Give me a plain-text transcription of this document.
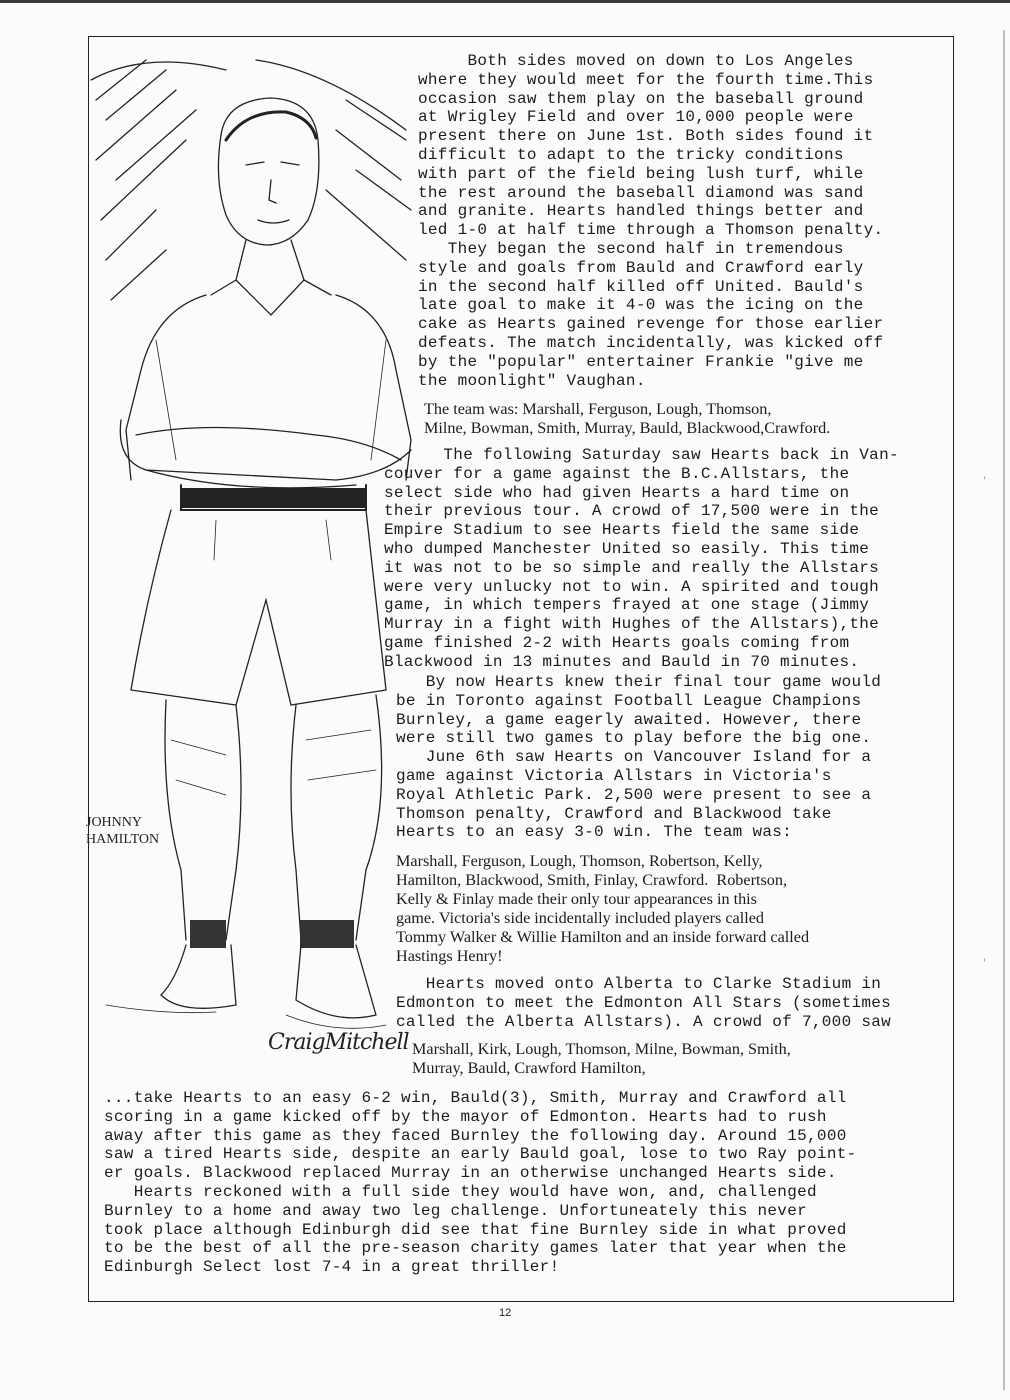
JOHNNY
HAMILTON
CraigMitchell

Both sides moved on down to Los Angeles
where they would meet for the fourth time.This
occasion saw them play on the baseball ground
at Wrigley Field and over 10,000 people were
present there on June 1st. Both sides found it
difficult to adapt to the tricky conditions
with part of the field being lush turf, while
the rest around the baseball diamond was sand
and granite. Hearts handled things better and
led 1-0 at half time through a Thomson penalty.
They began the second half in tremendous
style and goals from Bauld and Crawford early
in the second half killed off United. Bauld's
late goal to make it 4-0 was the icing on the
cake as Hearts gained revenge for those earlier
defeats. The match incidentally, was kicked off
by the "popular" entertainer Frankie "give me
the moonlight" Vaughan.

The team was: Marshall, Ferguson, Lough, Thomson,
Milne, Bowman, Smith, Murray, Bauld, Blackwood,Crawford.

The following Saturday saw Hearts back in Van-
couver for a game against the B.C.Allstars, the
select side who had given Hearts a hard time on
their previous tour. A crowd of 17,500 were in the
Empire Stadium to see Hearts field the same side
who dumped Manchester United so easily. This time
it was not to be so simple and really the Allstars
were very unlucky not to win. A spirited and tough
game, in which tempers frayed at one stage (Jimmy
Murray in a fight with Hughes of the Allstars),the
game finished 2-2 with Hearts goals coming from
Blackwood in 13 minutes and Bauld in 70 minutes.

By now Hearts knew their final tour game would
be in Toronto against Football League Champions
Burnley, a game eagerly awaited. However, there
were still two games to play before the big one.
June 6th saw Hearts on Vancouver Island for a
game against Victoria Allstars in Victoria's
Royal Athletic Park. 2,500 were present to see a
Thomson penalty, Crawford and Blackwood take
Hearts to an easy 3-0 win. The team was:

Marshall, Ferguson, Lough, Thomson, Robertson, Kelly,
Hamilton, Blackwood, Smith, Finlay, Crawford.  Robertson,
Kelly & Finlay made their only tour appearances in this
game. Victoria's side incidentally included players called
Tommy Walker & Willie Hamilton and an inside forward called
Hastings Henry!

Hearts moved onto Alberta to Clarke Stadium in
Edmonton to meet the Edmonton All Stars (sometimes
called the Alberta Allstars). A crowd of 7,000 saw

Marshall, Kirk, Lough, Thomson, Milne, Bowman, Smith,
Murray, Bauld, Crawford Hamilton,

...take Hearts to an easy 6-2 win, Bauld(3), Smith, Murray and Crawford all
scoring in a game kicked off by the mayor of Edmonton. Hearts had to rush
away after this game as they faced Burnley the following day. Around 15,000
saw a tired Hearts side, despite an early Bauld goal, lose to two Ray point-
er goals. Blackwood replaced Murray in an otherwise unchanged Hearts side.
Hearts reckoned with a full side they would have won, and, challenged
Burnley to a home and away two leg challenge. Unfortuneately this never
took place although Edinburgh did see that fine Burnley side in what proved
to be the best of all the pre-season charity games later that year when the
Edinburgh Select lost 7-4 in a great thriller!

12
'
'
